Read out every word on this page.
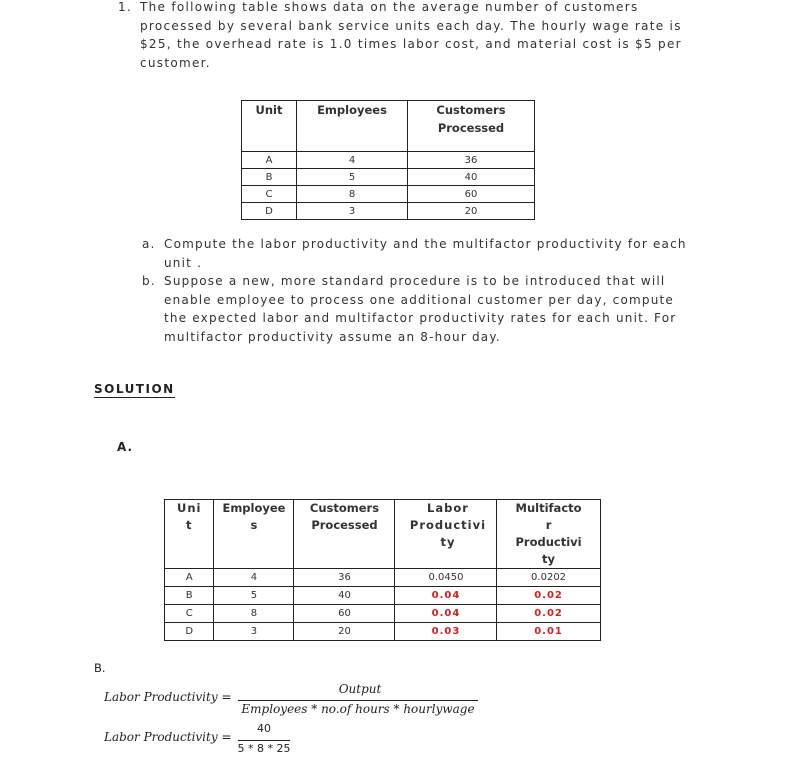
1. The following table shows data on the average number of customers processed by several bank service units each day. The hourly wage rate is $25, the overhead rate is 1.0 times labor cost, and material cost is $5 per customer.
Unit	Employees	Customers Processed
A	4	36
B	5	40
C	8	60
D	3	20
a. Compute the labor productivity and the multifactor productivity for each unit .
b. Suppose a new, more standard procedure is to be introduced that will enable employee to process one additional customer per day, compute the expected labor and multifactor productivity rates for each unit. For multifactor productivity assume an 8-hour day.
SOLUTION
A.
Uni t	Employee s	Customers Processed	Labor Productivi ty	Multifacto r Productivi ty
A	4	36	0.0450	0.0202
B	5	40	0.04	0.02
C	8	60	0.04	0.02
D	3	20	0.03	0.01
B.
Labor Productivity =
Output
Employees * no.of hours * hourlywage
Labor Productivity =
40
5 * 8 * 25
